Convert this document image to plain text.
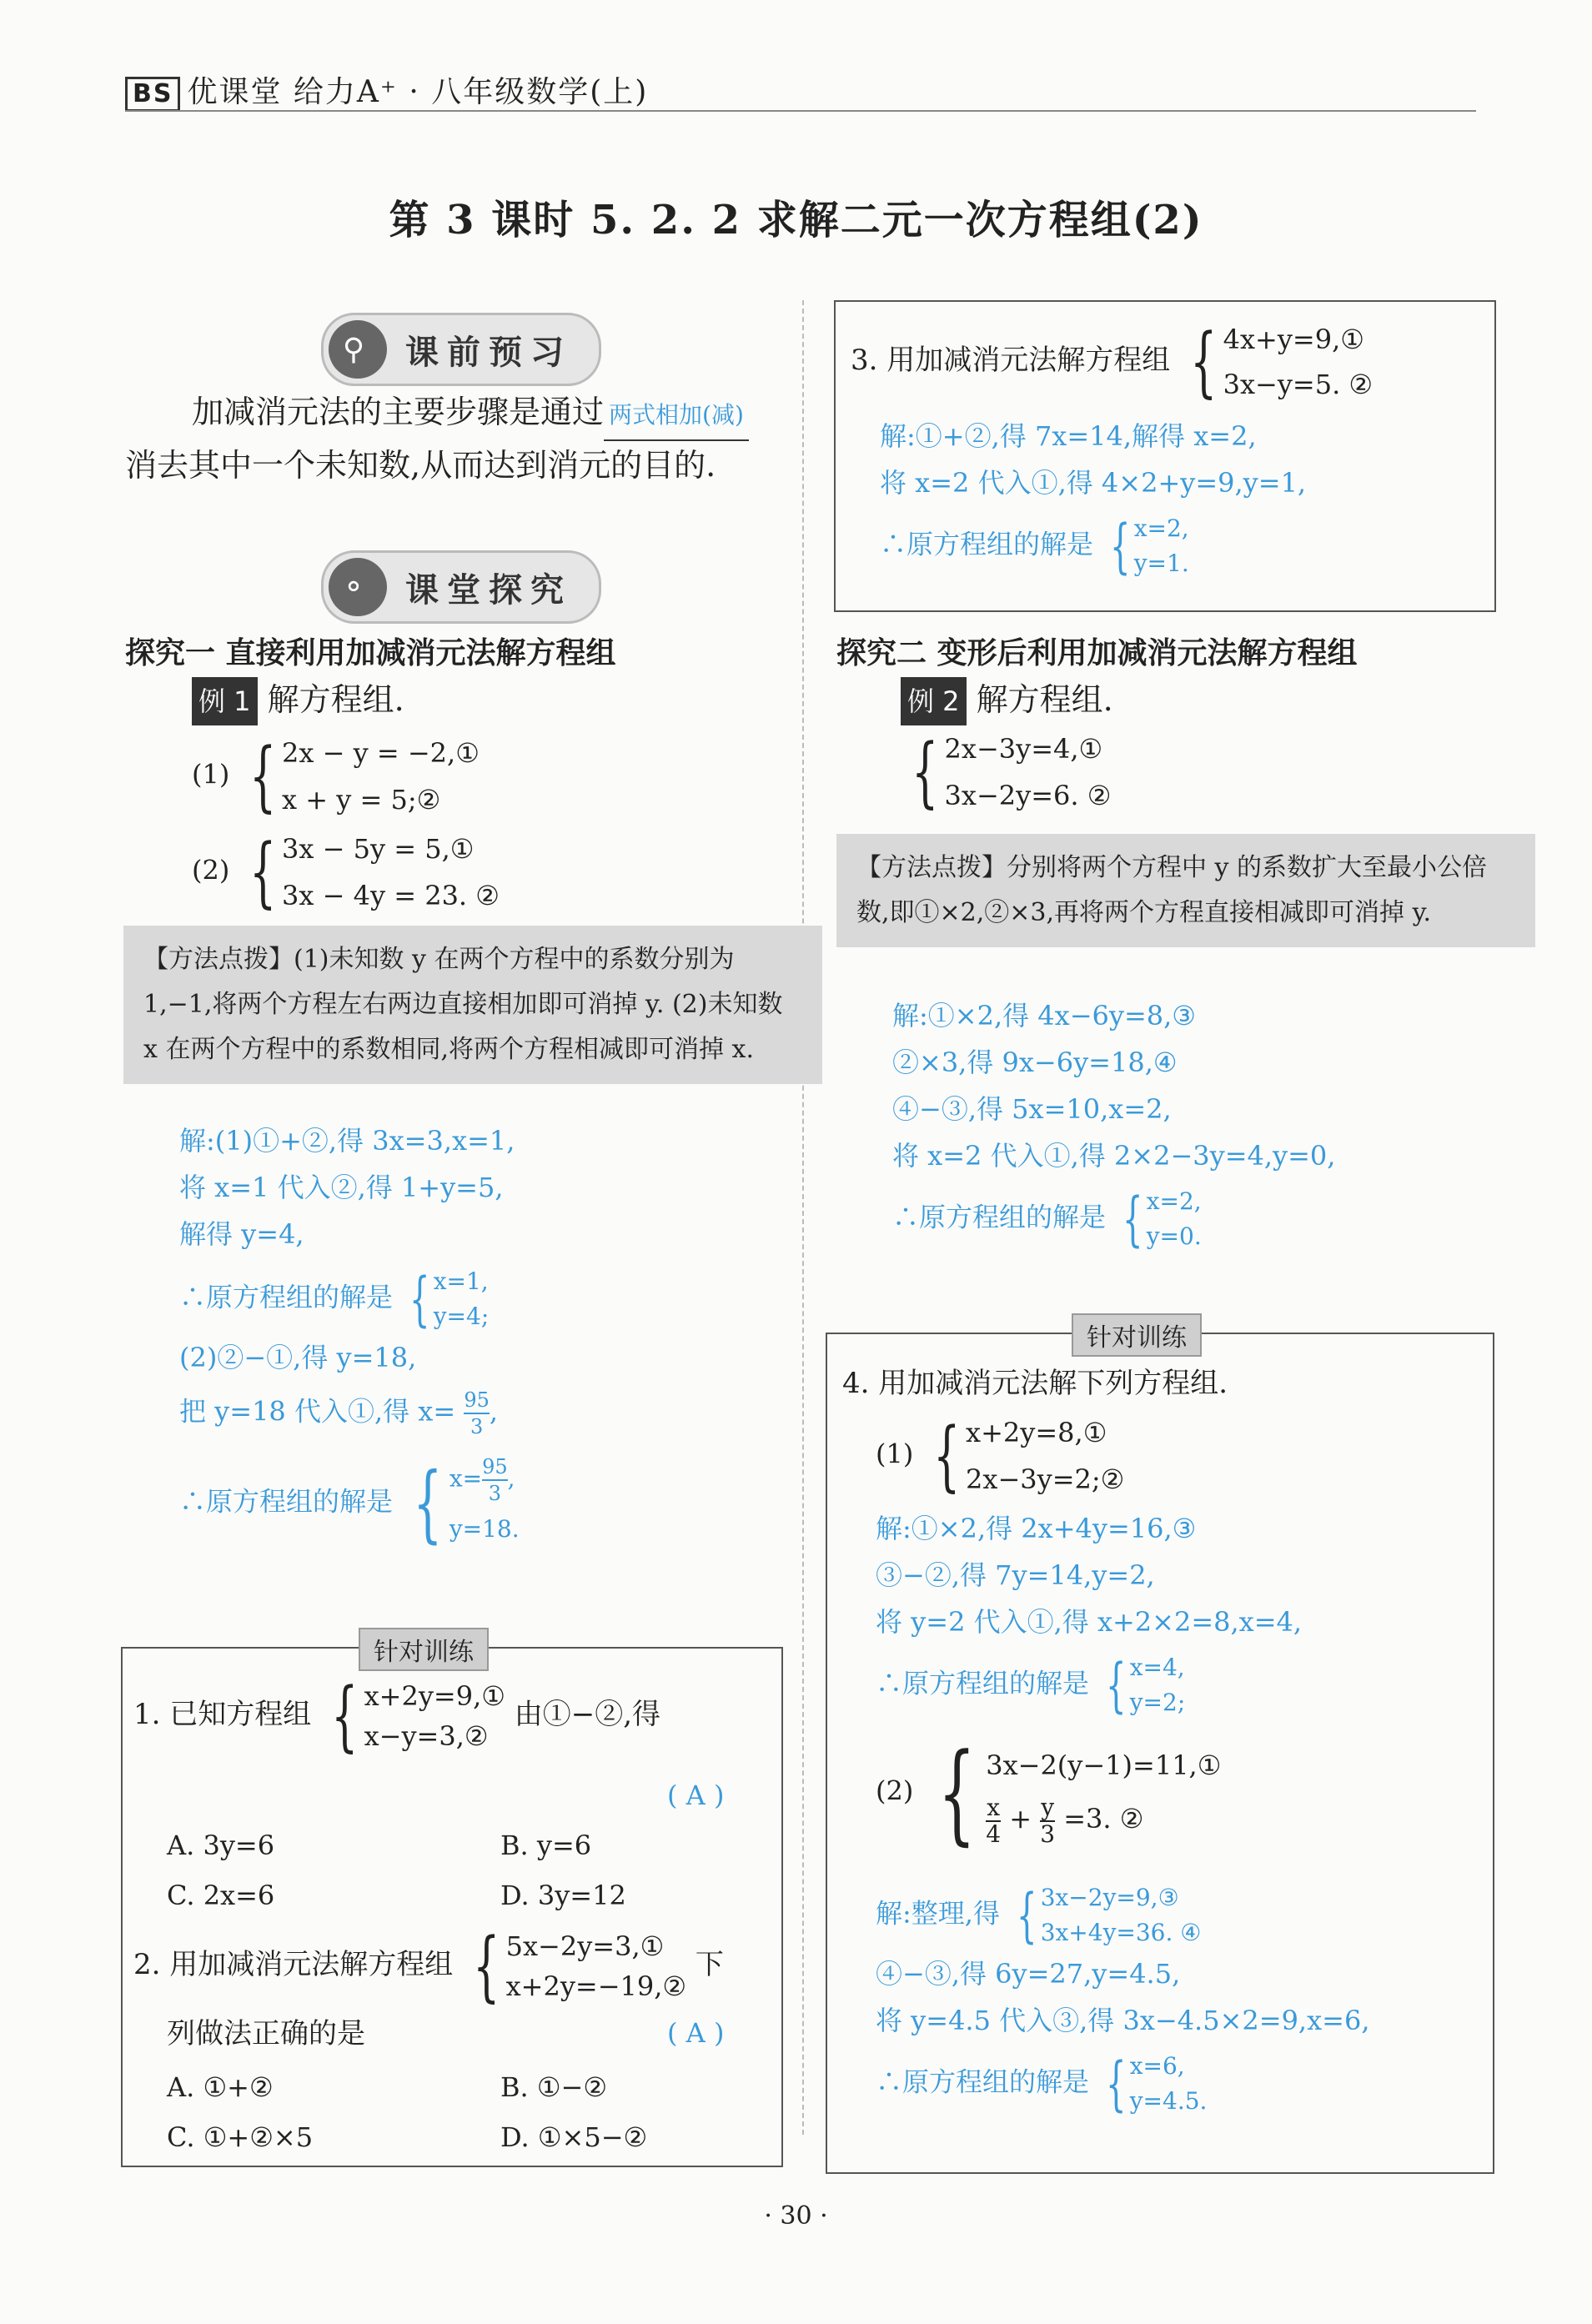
BS 优课堂 给力A⁺ · 八年级数学(上)
第 3 课时 5. 2. 2 求解二元一次方程组(2)
⚲ 课前预习
加减消元法的主要步骤是通过 两式相加(减)
消去其中一个未知数,从而达到消元的目的.
⚬ 课堂探究
探究一 直接利用加减消元法解方程组
例 1 解方程组.
(1) { 2x − y = −2,①
x + y = 5;②
(2) { 3x − 5y = 5,①
3x − 4y = 23. ②
【方法点拨】(1)未知数 y 在两个方程中的系数分别为 1,−1,将两个方程左右两边直接相加即可消掉 y. (2)未知数 x 在两个方程中的系数相同,将两个方程相减即可消掉 x.
解:(1)①+②,得 3x=3,x=1,
将 x=1 代入②,得 1+y=5,
解得 y=4,
∴原方程组的解是 { x=1,
y=4;
(2)②−①,得 y=18,
把 y=18 代入①,得 $x= \frac{95}{3}$ ,
∴原方程组的解是 { $x= \frac{95}{3}$ ,
y=18.
针对训练
1. 已知方程组 { x+2y=9,①
x−y=3,②
由①−②,得
( A )
A. 3y=6	B. y=6
C. 2x=6	D. 3y=12
2. 用加减消元法解方程组 { 5x−2y=3,①
x+2y=−19,②
下
列做法正确的是	( A )
A. ①+②	B. ①−②
C. ①+②×5	D. ①×5−②
3. 用加减消元法解方程组 { 4x+y=9,①
3x−y=5. ②
解:①+②,得 7x=14,解得 x=2,
将 x=2 代入①,得 4×2+y=9,y=1,
∴原方程组的解是 { x=2,
y=1.
探究二 变形后利用加减消元法解方程组
例 2 解方程组.
{ 2x−3y=4,①
3x−2y=6. ②
【方法点拨】分别将两个方程中 y 的系数扩大至最小公倍数,即①×2,②×3,再将两个方程直接相减即可消掉 y.
解:①×2,得 4x−6y=8,③
②×3,得 9x−6y=18,④
④−③,得 5x=10,x=2,
将 x=2 代入①,得 2×2−3y=4,y=0,
∴原方程组的解是 { x=2,
y=0.
针对训练
4. 用加减消元法解下列方程组.
(1) { x+2y=8,①
2x−3y=2;②
解:①×2,得 2x+4y=16,③
③−②,得 7y=14,y=2,
将 y=2 代入①,得 x+2×2=8,x=4,
∴原方程组的解是 { x=4,
y=2;
(2) { 3x−2(y−1)=11,①
$\frac{x}{4} + \frac{y}{3} =3$. ②
解:整理,得 { 3x−2y=9,③
3x+4y=36. ④
④−③,得 6y=27,y=4.5,
将 y=4.5 代入③,得 3x−4.5×2=9,x=6,
∴原方程组的解是 { x=6,
y=4.5.
· 30 ·
